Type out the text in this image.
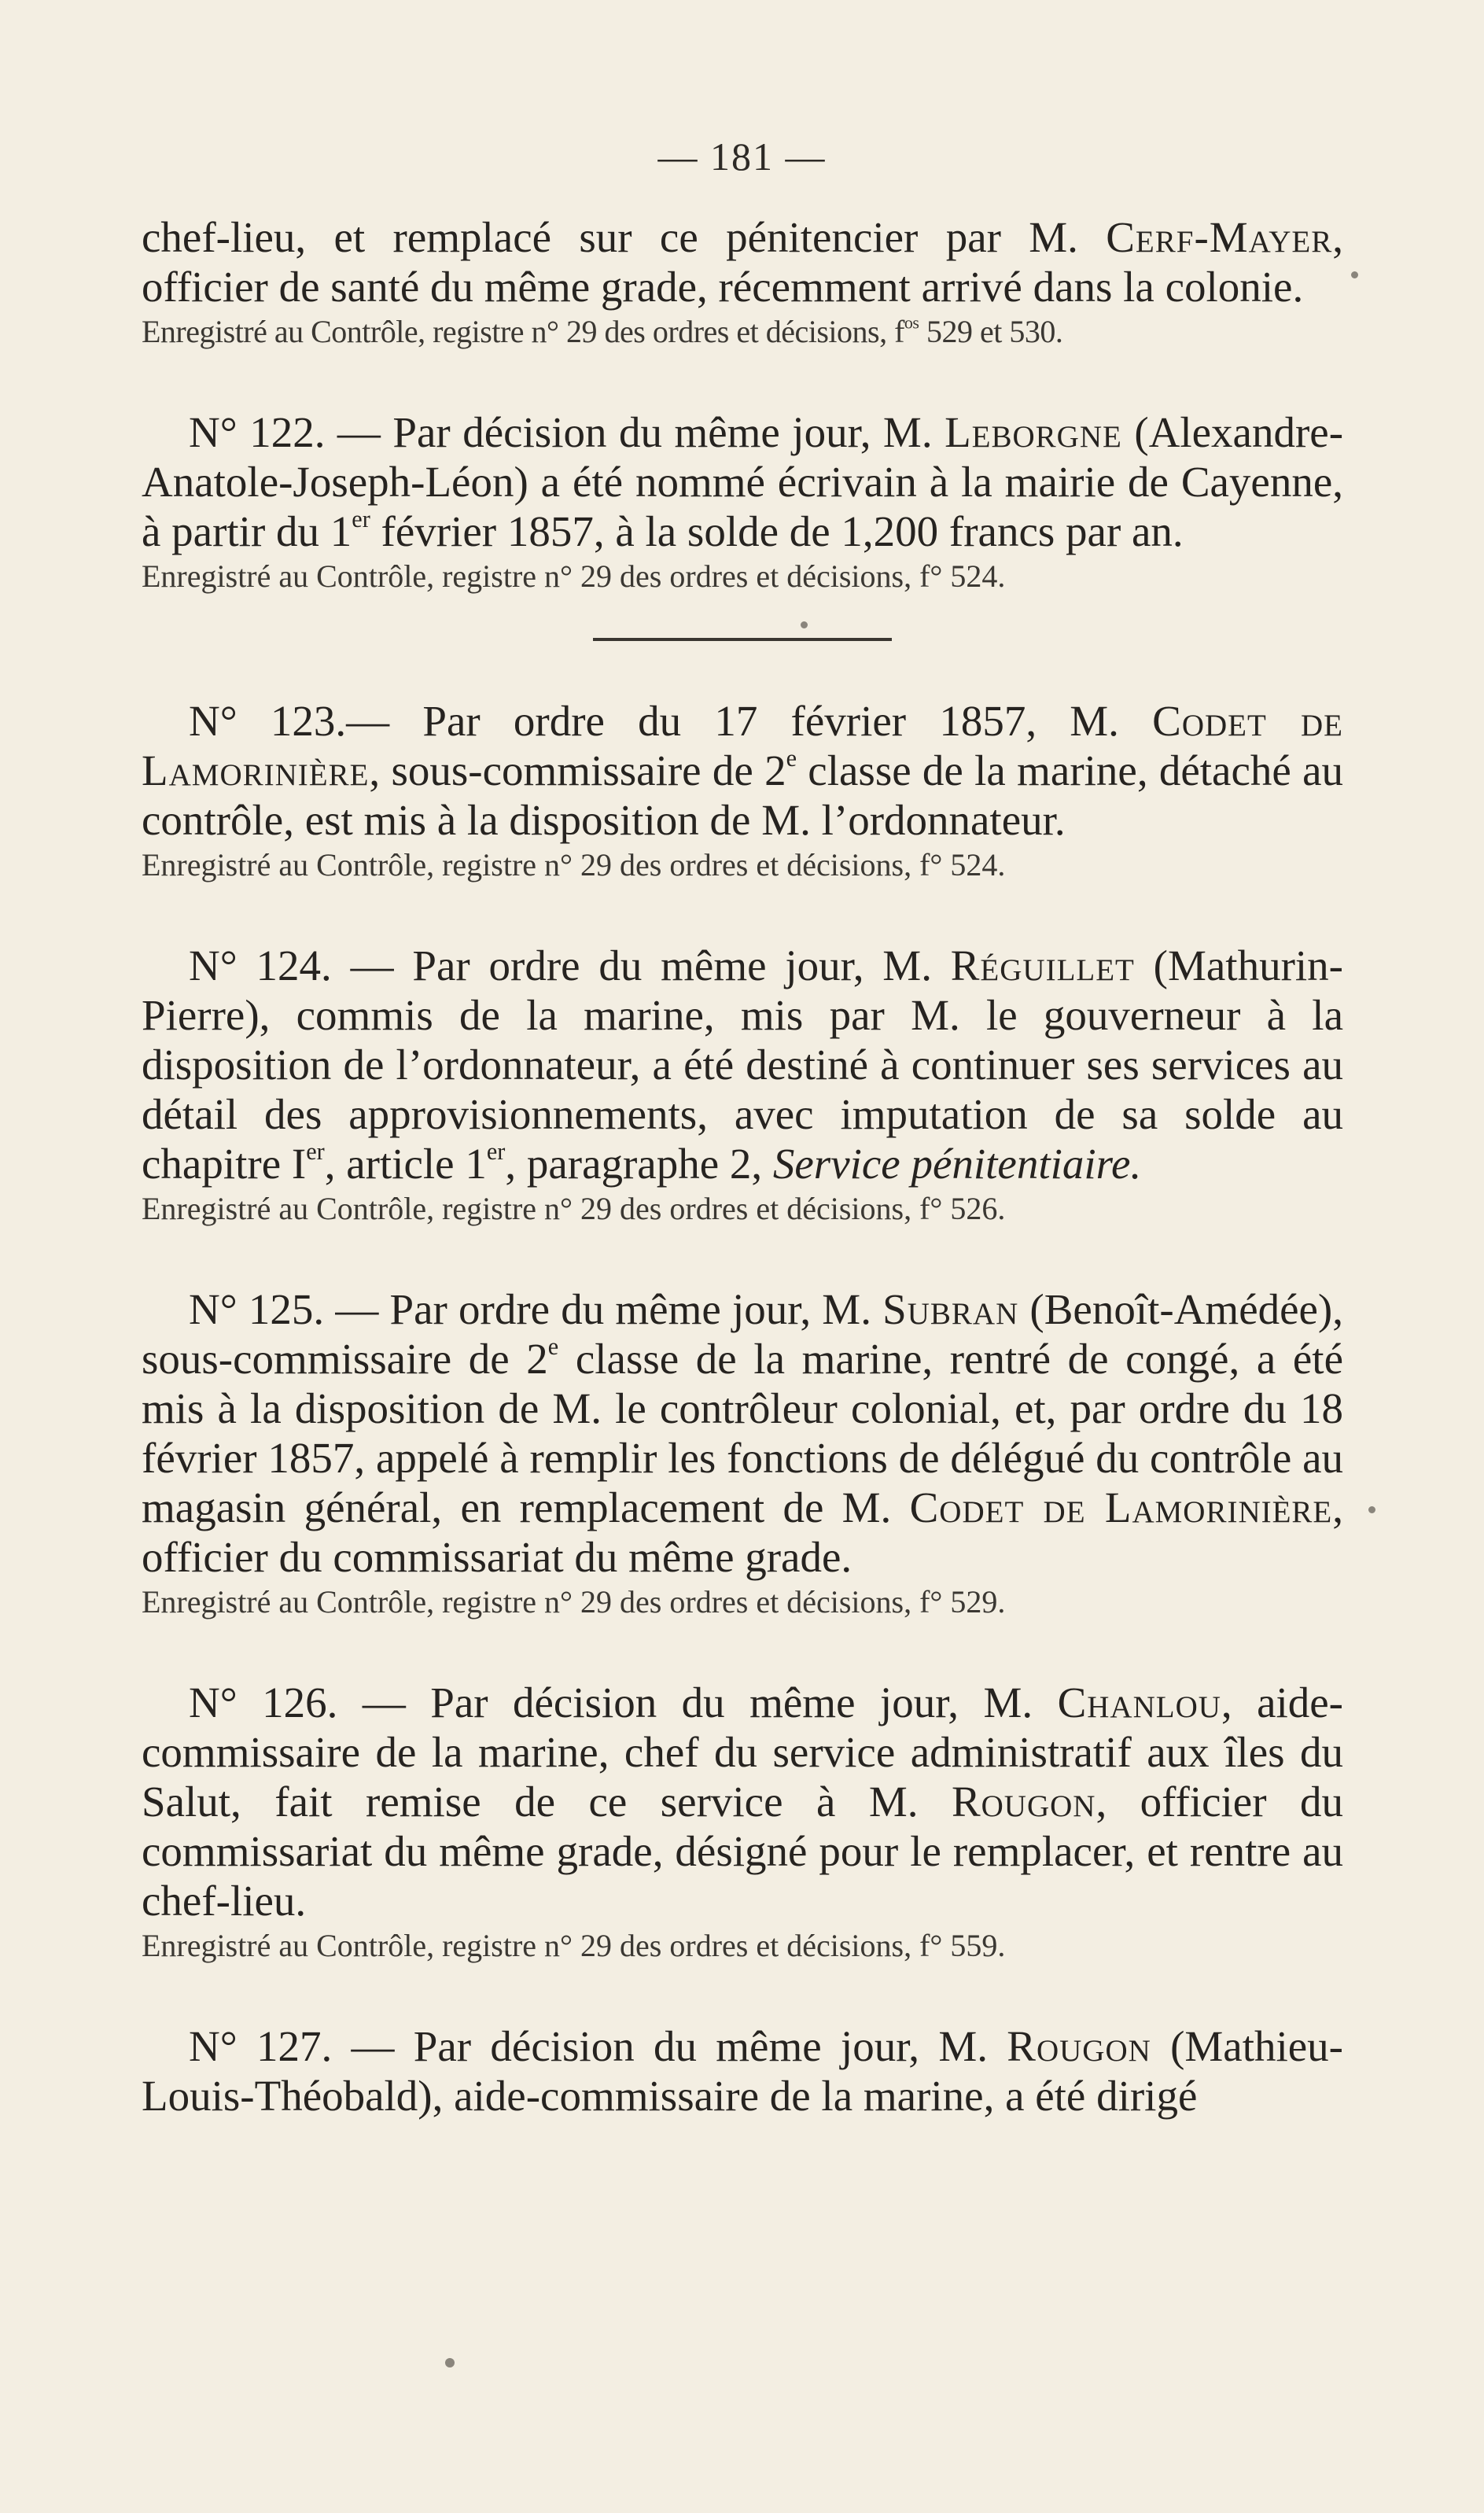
— 181 —

chef-lieu, et remplacé sur ce pénitencier par M. Cerf-Mayer, officier de santé du même grade, récemment arrivé dans la colonie.

Enregistré au Contrôle, registre n° 29 des ordres et décisions, $f^{os}$ 529 et 530.

N° 122. — Par décision du même jour, M. Leborgne (Alexandre-Anatole-Joseph-Léon) a été nommé écrivain à la mairie de Cayenne, à partir du 1er février 1857, à la solde de 1,200 francs par an.

Enregistré au Contrôle, registre n° 29 des ordres et décisions, f° 524.

N° 123.— Par ordre du 17 février 1857, M. Codet de Lamorinière, sous-commissaire de 2e classe de la marine, détaché au contrôle, est mis à la disposition de M. l’ordonnateur.

Enregistré au Contrôle, registre n° 29 des ordres et décisions, f° 524.

N° 124. — Par ordre du même jour, M. Réguillet (Mathurin-Pierre), commis de la marine, mis par M. le gouverneur à la disposition de l’ordonnateur, a été destiné à continuer ses services au détail des approvisionnements, avec imputation de sa solde au chapitre Ier, article 1er, paragraphe 2, Service pénitentiaire.

Enregistré au Contrôle, registre n° 29 des ordres et décisions, f° 526.

N° 125. — Par ordre du même jour, M. Subran (Benoît-Amédée), sous-commissaire de 2e classe de la marine, rentré de congé, a été mis à la disposition de M. le contrôleur colonial, et, par ordre du 18 février 1857, appelé à remplir les fonctions de délégué du contrôle au magasin général, en remplacement de M. Codet de Lamorinière, officier du commissariat du même grade.

Enregistré au Contrôle, registre n° 29 des ordres et décisions, f° 529.

N° 126. — Par décision du même jour, M. Chanlou, aide-commissaire de la marine, chef du service administratif aux îles du Salut, fait remise de ce service à M. Rougon, officier du commissariat du même grade, désigné pour le remplacer, et rentre au chef-lieu.

Enregistré au Contrôle, registre n° 29 des ordres et décisions, f° 559.

N° 127. — Par décision du même jour, M. Rougon (Mathieu-Louis-Théobald), aide-commissaire de la marine, a été dirigé
